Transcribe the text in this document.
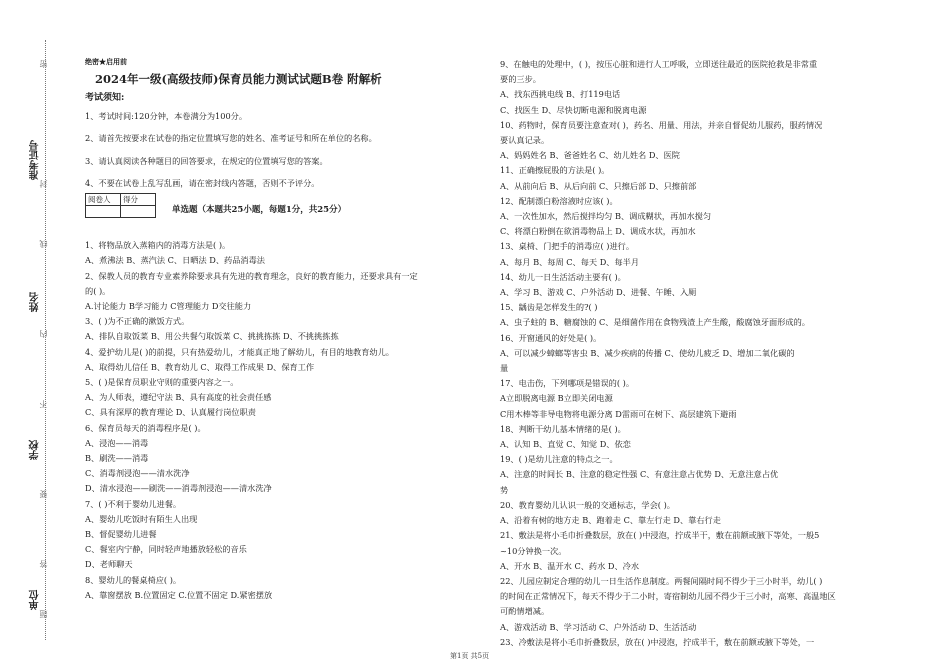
准考证号
姓名
学校
单位
密
封
线
内
不
要
答
题

绝密★启用前

2024年一级(高级技师)保育员能力测试试题B卷 附解析

考试须知:

1、考试时间:120分钟，本卷满分为100分。

2、请首先按要求在试卷的指定位置填写您的姓名、准考证号和所在单位的名称。

3、请认真阅读各种题目的回答要求，在规定的位置填写您的答案。

4、不要在试卷上乱写乱画，请在密封线内答题，否则不予评分。

阅卷人	得分

单选题（本题共25小题，每题1分，共25分）

1、将物品放入蒸箱内的消毒方法是( )。

A、煮沸法 B、蒸汽法 C、日晒法 D、药品消毒法

2、保教人员的教育专业素养除要求具有先进的教育理念，良好的教育能力，还要求具有一定

的( )。

A.讨论能力 B学习能力 C管理能力 D交往能力

3、( )为不正确的漱饭方式。

A、排队自取饭菜 B、用公共餐勺取饭菜 C、挑挑拣拣 D、不挑挑拣拣

4、爱护幼儿是( )的前提，只有热爱幼儿，才能真正地了解幼儿，有目的地教育幼儿。

A、取得幼儿信任 B、教育幼儿 C、取得工作成果 D、保育工作

5、( )是保育员职业守则的重要内容之一。

A、为人师表，遵纪守法 B、具有高度的社会责任感

C、具有深厚的教育理论 D、认真履行岗位职责

6、保育员每天的消毒程序是( )。

A、浸泡——消毒

B、刷洗——消毒

C、消毒剂浸泡——清水洗净

D、清水浸泡——刷洗——消毒剂浸泡——清水洗净

7、( )不利于婴幼儿进餐。

A、婴幼儿吃饭时有陌生人出现

B、督促婴幼儿进餐

C、餐室内宁静，同时轻声地播放轻松的音乐

D、老师聊天

8、婴幼儿的餐桌椅应( )。

A、靠窗摆放 B.位置固定 C.位置不固定 D.紧密摆放

9、在触电的处理中，( )，按压心脏和进行人工呼吸，立即送往最近的医院抢救是非常重

要的三步。

A、找东西挑电线 B、打119电话

C、找医生 D、尽快切断电源和脱离电源

10、药物时，保育员要注意查对( )，药名、用量、用法，并亲自督促幼儿服药，服药情况

要认真记录。

A、妈妈姓名 B、爸爸姓名 C、幼儿姓名 D、医院

11、正确擦屁股的方法是( )。

A、从前向后 B、从后向前 C、只擦后部 D、只擦前部

12、配制漂白粉溶液时应该( )。

A、一次性加水，然后搅拌均匀 B、调成糊状，再加水搅匀

C、将漂白粉倒在欲消毒物品上 D、调成水状，再加水

13、桌椅、门把手的消毒应( )进行。

A、每月 B、每周 C、每天 D、每半月

14、幼儿一日生活活动主要有( )。

A、学习 B、游戏 C、户外活动 D、进餐、午睡、入厕

15、龋齿是怎样发生的?( )

A、虫子蛀的 B、糖腐蚀的 C、是细菌作用在食物残渣上产生酸，酸腐蚀牙面形成的。

16、开窗通风的好处是( )。

A、可以减少蟑螂等害虫 B、减少疾病的传播 C、使幼儿疲乏 D、增加二氧化碳的

量

17、电击伤，下列哪项是错误的( )。

A立即脱离电源 B立即关闭电源

C用木棒等非导电物将电源分离 D雷雨可在树下、高层建筑下避雨

18、判断干幼儿基本情绪的是( )。

A、认知 B、直觉 C、知觉 D、依恋

19、( )是幼儿注意的特点之一。

A、注意的时间长 B、注意的稳定性强 C、有意注意占优势 D、无意注意占优

势

20、教育婴幼儿认识一般的交通标志，学会( )。

A、沿着有树的地方走 B、跑着走 C、靠左行走 D、靠右行走

21、敷法是将小毛巾折叠数层，放在( )中浸泡，拧成半干，敷在前额或腋下等处，一般5

~10分钟换一次。

A、开水 B、温开水 C、药水 D、冷水

22、儿园应制定合理的幼儿一日生活作息制度。两餐间隔时间不得少于三小时半，幼儿( )

的时间在正常情况下，每天不得少于二小时，寄宿制幼儿园不得少于三小时，高寒、高温地区

可酌情增减。

A、游戏活动 B、学习活动 C、户外活动 D、生活活动

23、冷敷法是将小毛巾折叠数层，放在( )中浸泡，拧成半干，敷在前额或腋下等处，一

第1页 共5页
